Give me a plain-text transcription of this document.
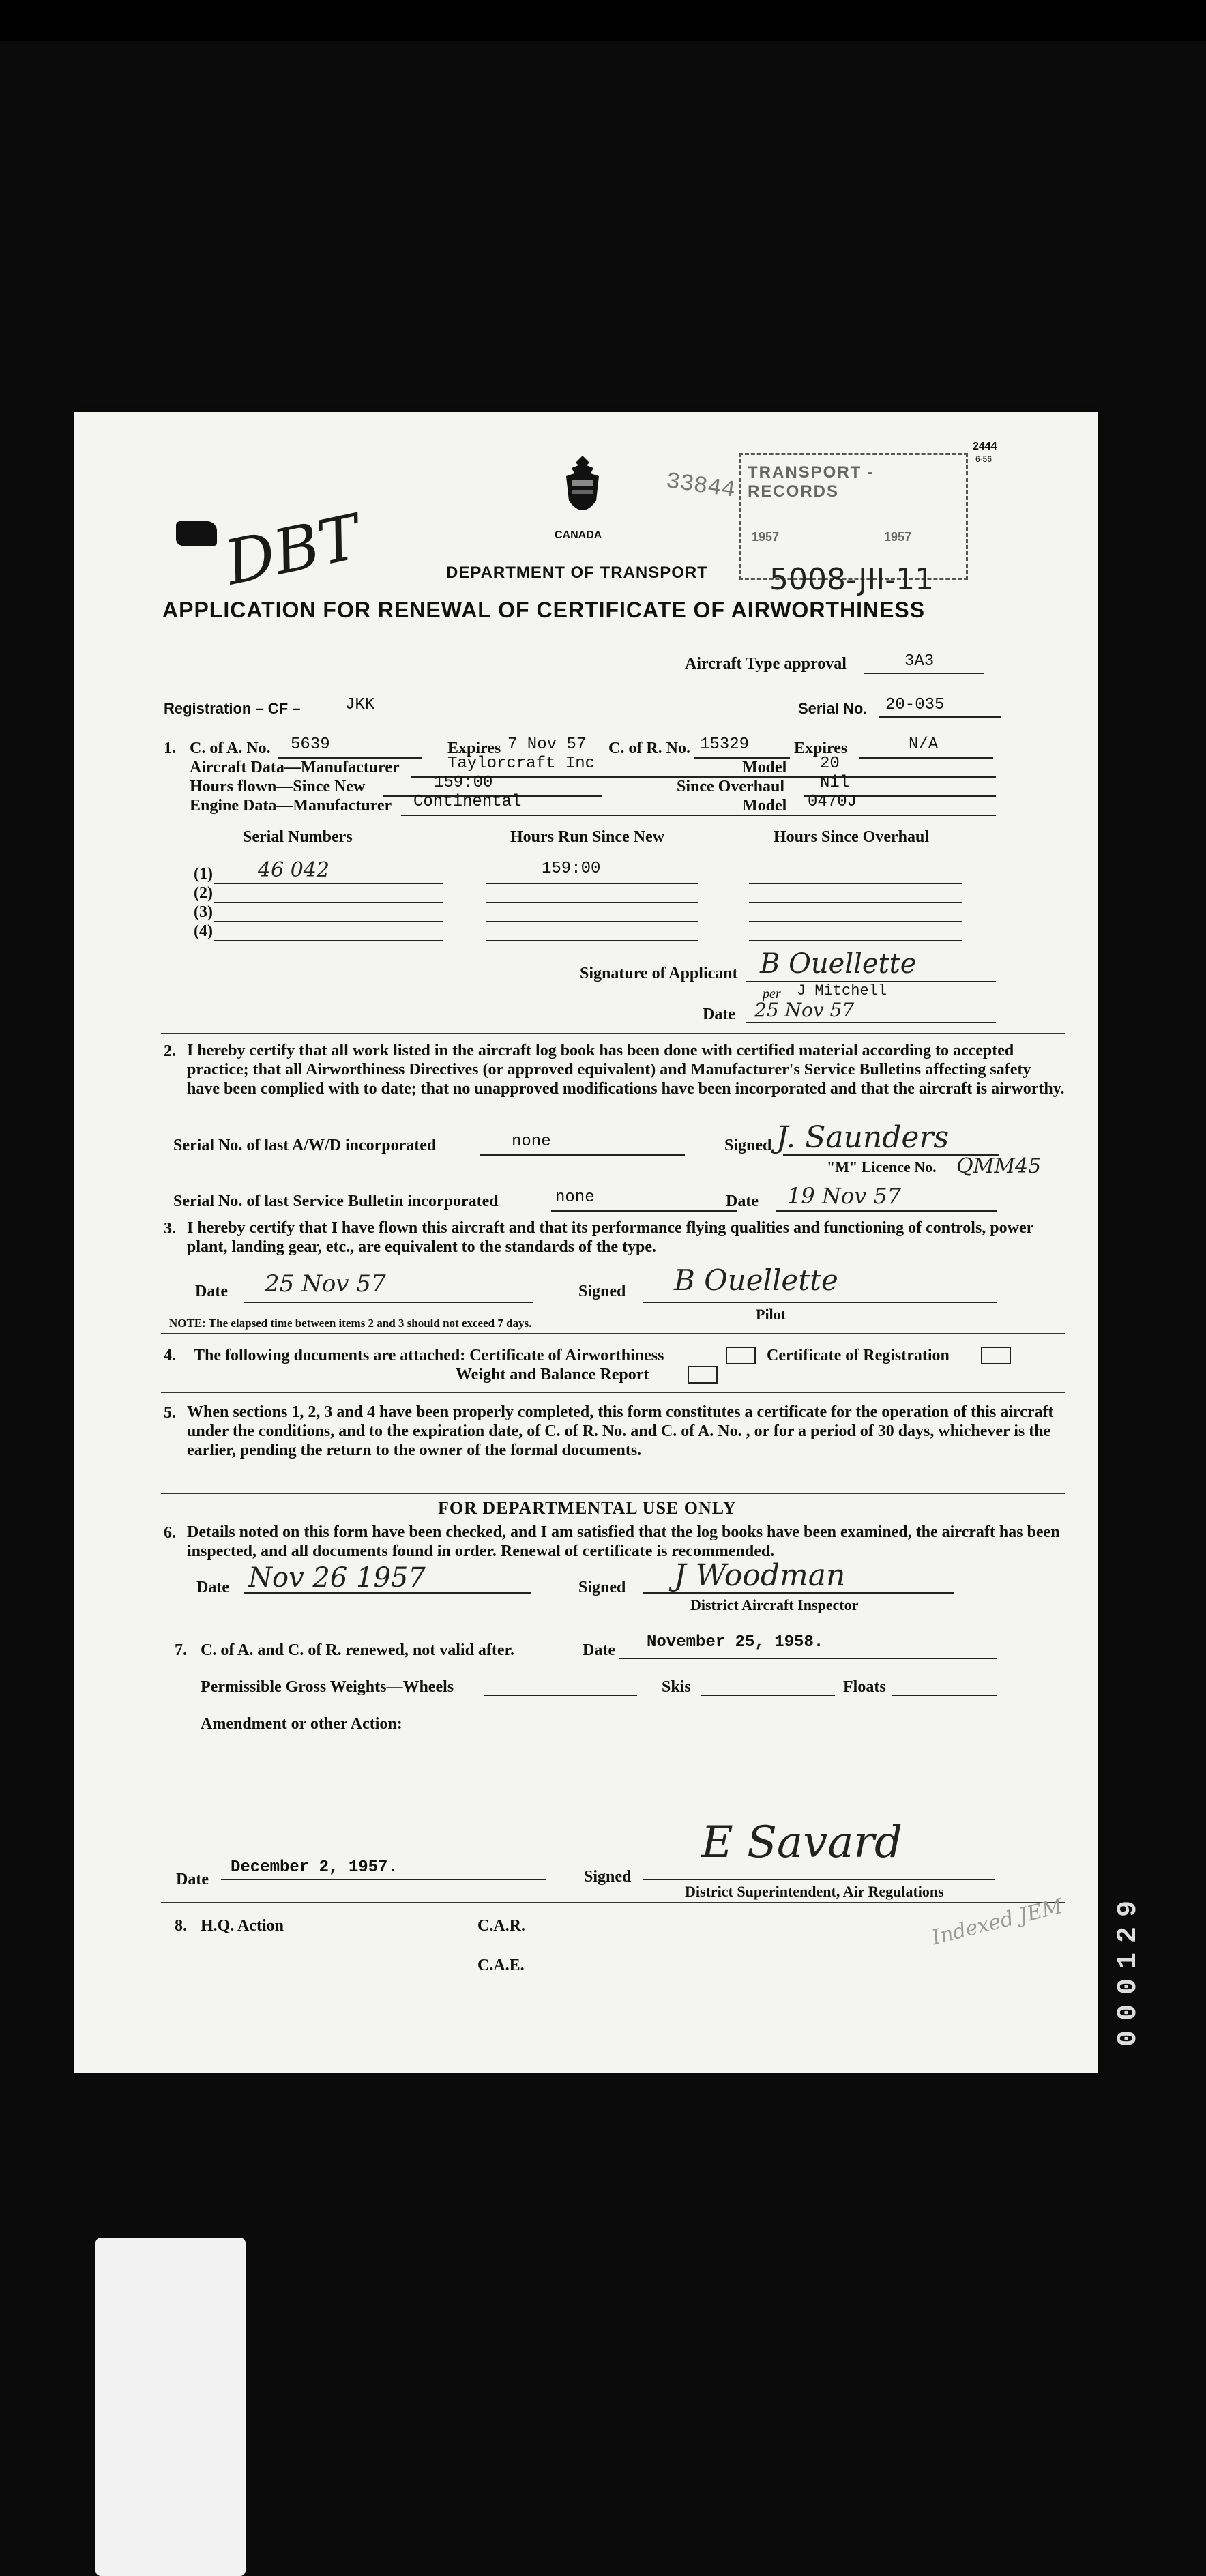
2444
6-56
CANADA
TRANSPORT - RECORDS
1957	1957
33844
5008-JII-11
DBT	DEPARTMENT OF TRANSPORT
APPLICATION FOR RENEWAL OF CERTIFICATE OF AIRWORTHINESS
Aircraft Type approval	3A3
Registration – CF –	JKK	Serial No. 20-035
1. C. of A. No. 5639	Expires 7 Nov 57 C. of R. No. 15329	Expires	N/A
Aircraft Data—Manufacturer	Taylorcraft Inc	Model 20
Hours flown—Since New	159:00	Since Overhaul Nil
Engine Data—Manufacturer Continental	Model 0470J
Serial Numbers	Hours Run Since New	Hours Since Overhaul
(1) 46 042	159:00
(2)
(3)
(4)
Signature of Applicant B Ouellette
per J Mitchell
Date 25 Nov 57
2. I hereby certify that all work listed in the aircraft log book has been done with certified material according to accepted practice; that all Airworthiness Directives (or approved equivalent) and Manufacturer's Service Bulletins affecting safety have been complied with to date; that no unapproved modifications have been incorporated and that the aircraft is airworthy.
Serial No. of last A/W/D incorporated	none	Signed J. Saunders
"M" Licence No. QMM45
Serial No. of last Service Bulletin incorporated	none	Date 19 Nov 57
3. I hereby certify that I have flown this aircraft and that its performance flying qualities and functioning of controls, power plant, landing gear, etc., are equivalent to the standards of the type.
Date 25 Nov 57	Signed B Ouellette
Pilot
NOTE: The elapsed time between items 2 and 3 should not exceed 7 days.
4. The following documents are attached: Certificate of Airworthiness	Certificate of Registration
Weight and Balance Report
5. When sections 1, 2, 3 and 4 have been properly completed, this form constitutes a certificate for the operation of this aircraft under the conditions, and to the expiration date, of C. of R. No. and C. of A. No. , or for a period of 30 days, whichever is the earlier, pending the return to the owner of the formal documents.
FOR DEPARTMENTAL USE ONLY
6. Details noted on this form have been checked, and I am satisfied that the log books have been examined, the aircraft has been inspected, and all documents found in order. Renewal of certificate is recommended.
Date Nov 26 1957	Signed J Woodman
District Aircraft Inspector
7. C. of A. and C. of R. renewed, not valid after.	Date November 25, 1958.
Permissible Gross Weights—Wheels	Skis	Floats
Amendment or other Action:
Date
December 2, 1957.	Signed
E Savard
District Superintendent, Air Regulations
8. H.Q. Action	C.A.R.
C.A.E.
Indexed JEM 000129
